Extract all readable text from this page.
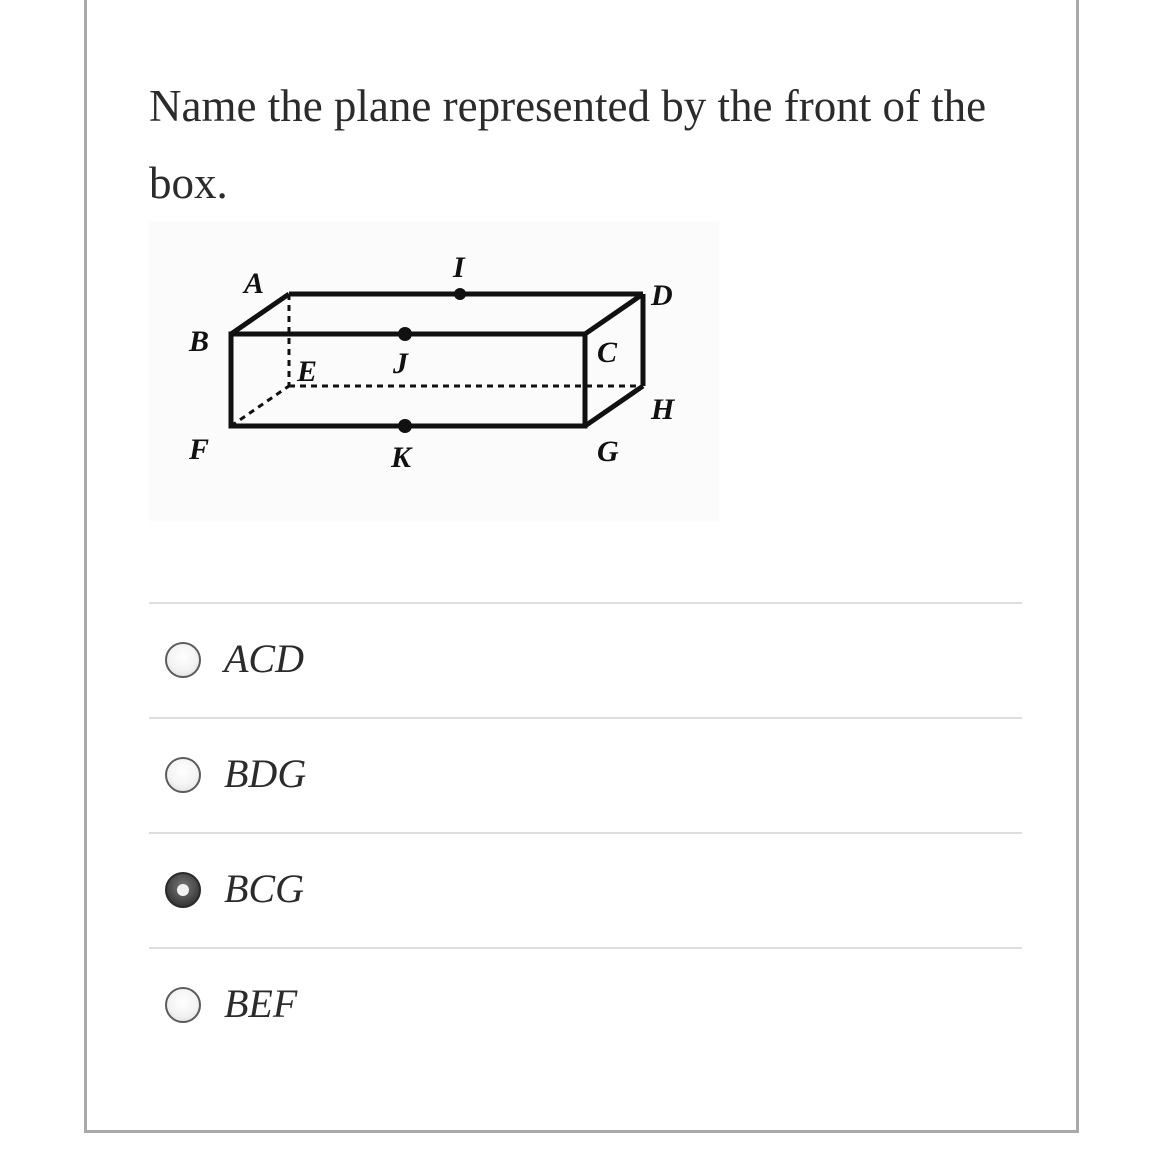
Name the plane represented by the front of the box.

A
B
E	J
I
C
D
H
F	K	G
ACD
BDG
BCG
BEF
